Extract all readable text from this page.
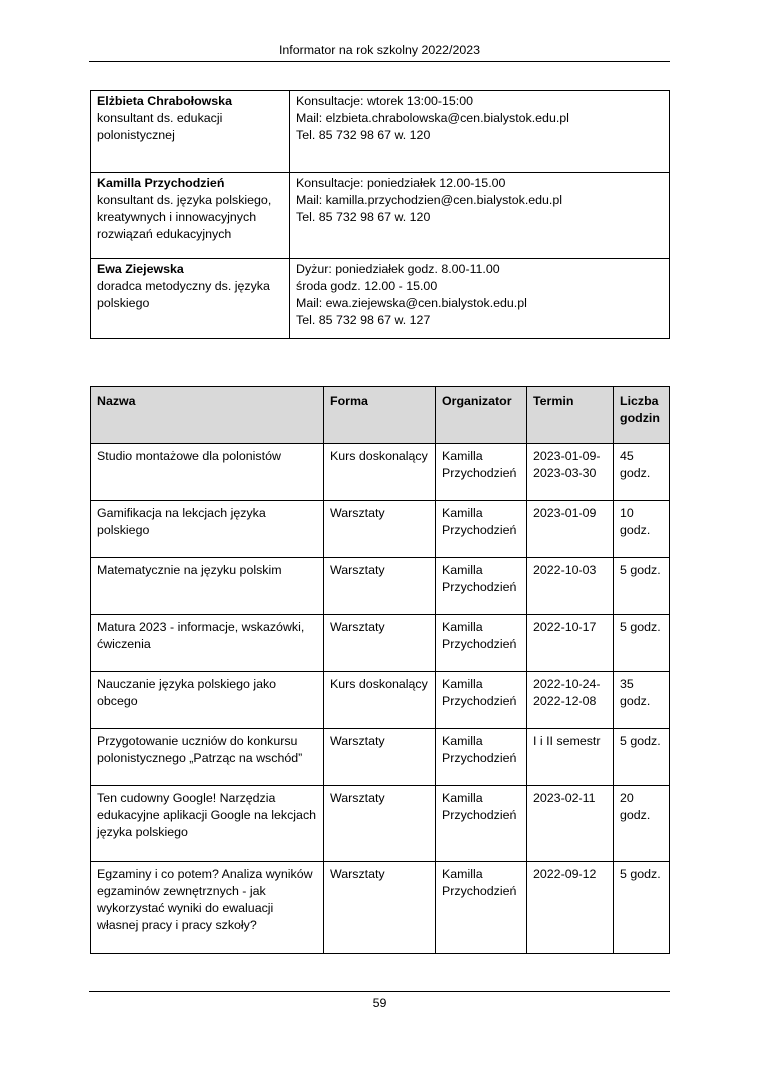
Informator na rok szkolny 2022/2023
Elżbieta Chrabołowska
konsultant ds. edukacji
polonistycznej	Konsultacje: wtorek 13:00-15:00
Mail: elzbieta.chrabolowska@cen.bialystok.edu.pl
Tel. 85 732 98 67 w. 120

Kamilla Przychodzień
konsultant ds. języka polskiego,
kreatywnych i innowacyjnych
rozwiązań edukacyjnych	Konsultacje: poniedziałek 12.00-15.00
Mail: kamilla.przychodzien@cen.bialystok.edu.pl
Tel. 85 732 98 67 w. 120

Ewa Ziejewska
doradca metodyczny ds. języka
polskiego	Dyżur: poniedziałek godz. 8.00-11.00
środa godz. 12.00 - 15.00
Mail: ewa.ziejewska@cen.bialystok.edu.pl
Tel. 85 732 98 67 w. 127
Nazwa	Forma	Organizator	Termin	Liczba godzin
Studio montażowe dla polonistów	Kurs doskonalący	Kamilla Przychodzień	2023-01-09-2023-03-30	45 godz.
Gamifikacja na lekcjach języka polskiego	Warsztaty	Kamilla Przychodzień	2023-01-09	10 godz.
Matematycznie na języku polskim	Warsztaty	Kamilla Przychodzień	2022-10-03	5 godz.
Matura 2023 - informacje, wskazówki, ćwiczenia	Warsztaty	Kamilla Przychodzień	2022-10-17	5 godz.
Nauczanie języka polskiego jako obcego	Kurs doskonalący	Kamilla Przychodzień	2022-10-24-2022-12-08	35 godz.
Przygotowanie uczniów do konkursu polonistycznego „Patrząc na wschód”	Warsztaty	Kamilla Przychodzień	I i II semestr	5 godz.
Ten cudowny Google! Narzędzia edukacyjne aplikacji Google na lekcjach języka polskiego	Warsztaty	Kamilla Przychodzień	2023-02-11	20 godz.
Egzaminy i co potem? Analiza wyników egzaminów zewnętrznych - jak wykorzystać wyniki do ewaluacji własnej pracy i pracy szkoły?	Warsztaty	Kamilla Przychodzień	2022-09-12	5 godz.
59
